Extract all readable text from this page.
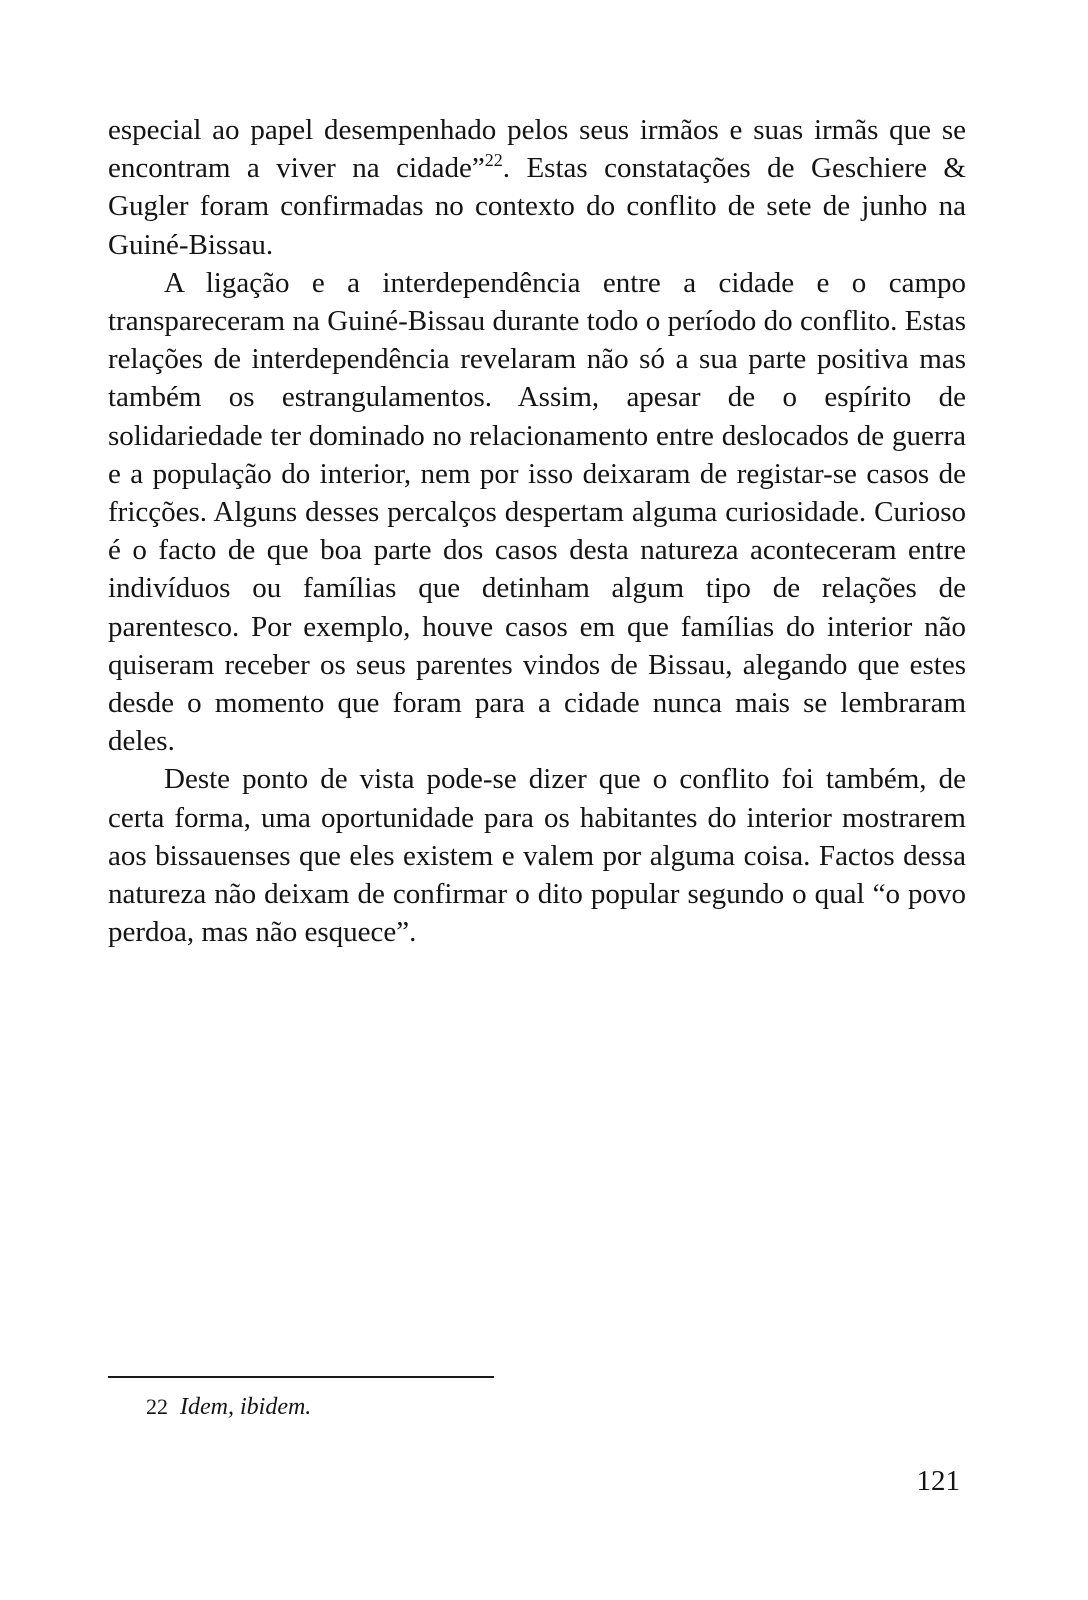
especial ao papel desempenhado pelos seus irmãos e suas irmãs que se encontram a viver na cidade”$^{22}$. Estas constatações de Geschiere & Gugler foram confirmadas no contexto do conflito de sete de junho na Guiné-Bissau.

A ligação e a interdependência entre a cidade e o campo transpareceram na Guiné-Bissau durante todo o período do conflito. Estas relações de interdependência revelaram não só a sua parte positiva mas também os estrangulamentos. Assim, apesar de o espírito de solidariedade ter dominado no relacionamento entre deslocados de guerra e a população do interior, nem por isso deixaram de registar-se casos de fricções. Alguns desses percalços despertam alguma curiosidade. Curioso é o facto de que boa parte dos casos desta natureza aconteceram entre indivíduos ou famílias que detinham algum tipo de relações de parentesco. Por exemplo, houve casos em que famílias do interior não quiseram receber os seus parentes vindos de Bissau, alegando que estes desde o momento que foram para a cidade nunca mais se lembraram deles.

Deste ponto de vista pode-se dizer que o conflito foi também, de certa forma, uma oportunidade para os habitantes do interior mostrarem aos bissauenses que eles existem e valem por alguma coisa. Factos dessa natureza não deixam de confirmar o dito popular segundo o qual “o povo perdoa, mas não esquece”.

22 Idem, ibidem.
121
